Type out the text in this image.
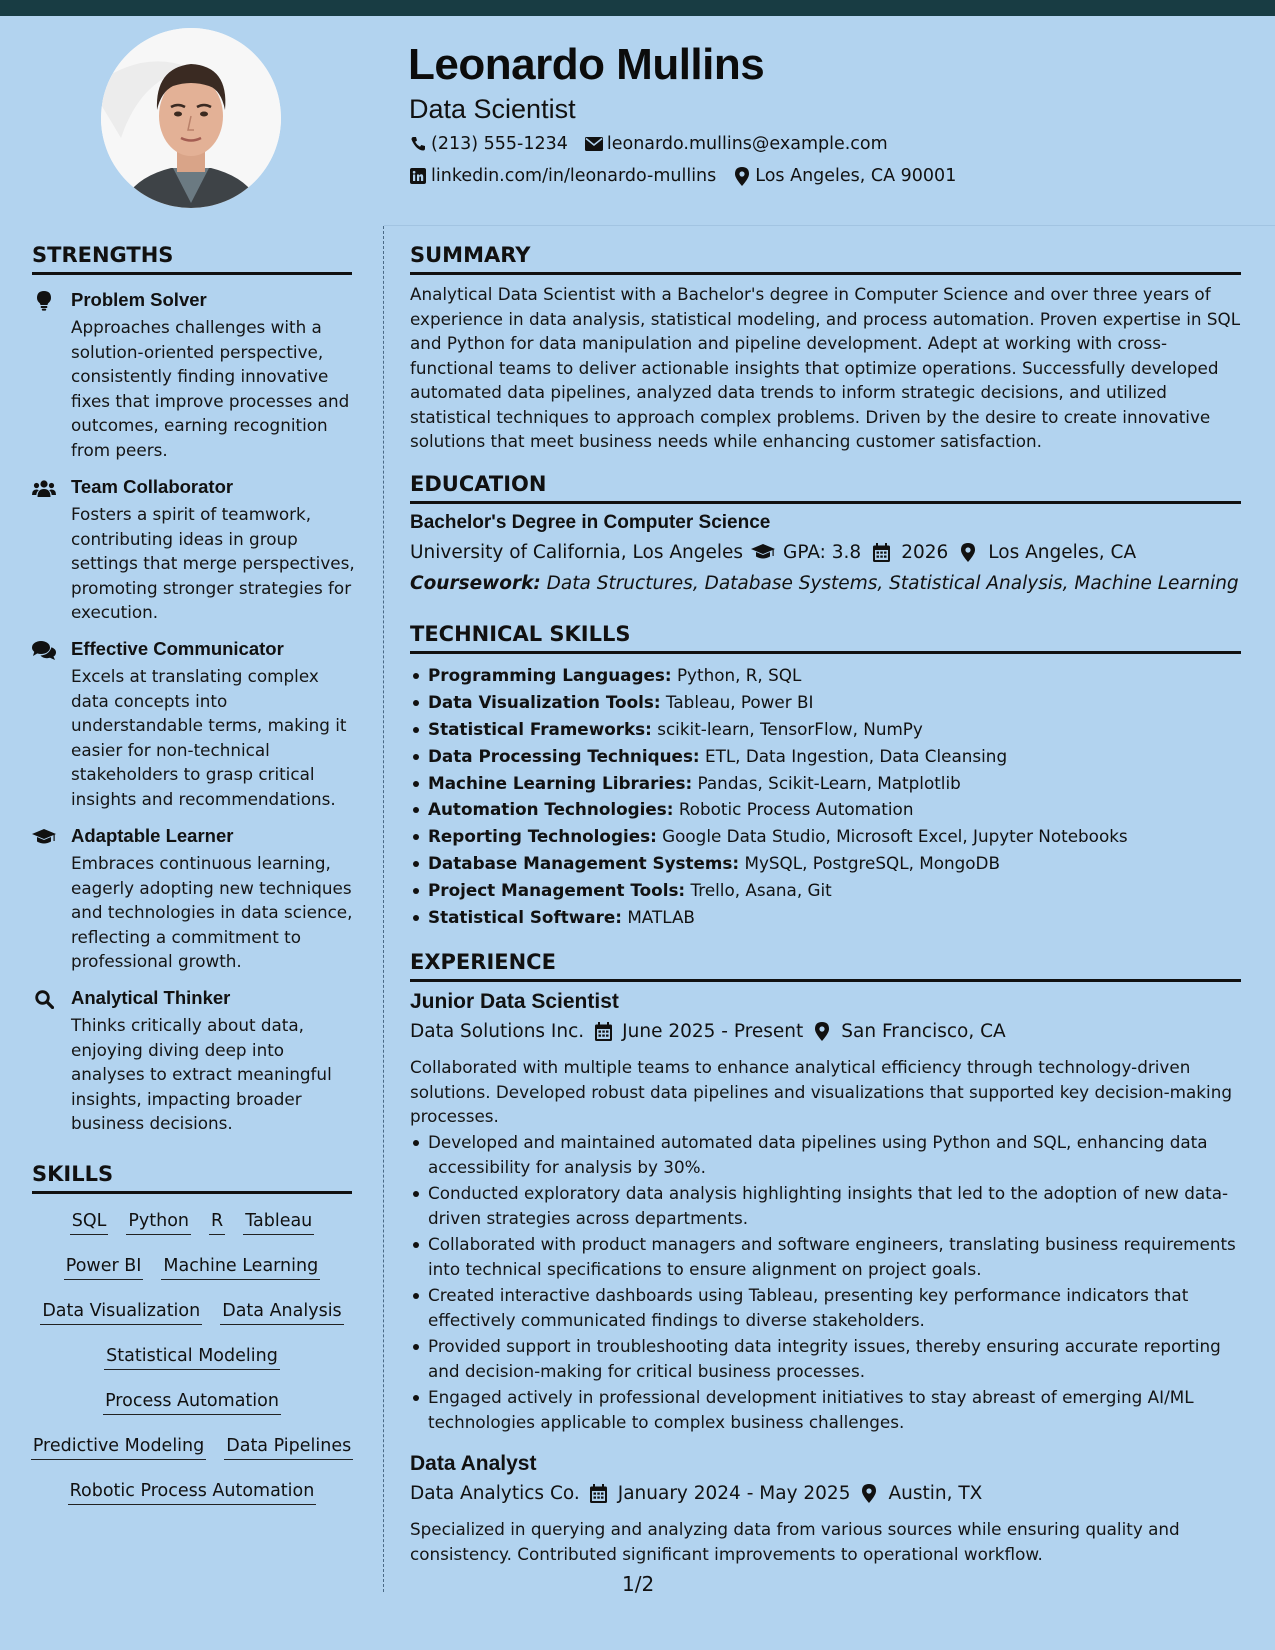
Leonardo Mullins
Data Scientist
(213) 555-1234 leonardo.mullins@example.com
linkedin.com/in/leonardo-mullins Los Angeles, CA 90001
STRENGTHS
Problem Solver
Approaches challenges with a solution-oriented perspective, consistently finding innovative fixes that improve processes and outcomes, earning recognition from peers.
Team Collaborator
Fosters a spirit of teamwork, contributing ideas in group settings that merge perspectives, promoting stronger strategies for execution.
Effective Communicator
Excels at translating complex data concepts into understandable terms, making it easier for non-technical stakeholders to grasp critical insights and recommendations.
Adaptable Learner
Embraces continuous learning, eagerly adopting new techniques and technologies in data science, reflecting a commitment to professional growth.
Analytical Thinker
Thinks critically about data, enjoying diving deep into analyses to extract meaningful insights, impacting broader business decisions.
SKILLS
SQL Python R Tableau
Power BI Machine Learning
Data Visualization Data Analysis
Statistical Modeling
Process Automation
Predictive Modeling Data Pipelines
Robotic Process Automation
SUMMARY
Analytical Data Scientist with a Bachelor's degree in Computer Science and over three years of experience in data analysis, statistical modeling, and process automation. Proven expertise in SQL and Python for data manipulation and pipeline development. Adept at working with cross-functional teams to deliver actionable insights that optimize operations. Successfully developed automated data pipelines, analyzed data trends to inform strategic decisions, and utilized statistical techniques to approach complex problems. Driven by the desire to create innovative solutions that meet business needs while enhancing customer satisfaction.
EDUCATION
Bachelor's Degree in Computer Science
University of California, Los Angeles GPA: 3.8 2026 Los Angeles, CA
Coursework: Data Structures, Database Systems, Statistical Analysis, Machine Learning
TECHNICAL SKILLS
Programming Languages: Python, R, SQL
Data Visualization Tools: Tableau, Power BI
Statistical Frameworks: scikit-learn, TensorFlow, NumPy
Data Processing Techniques: ETL, Data Ingestion, Data Cleansing
Machine Learning Libraries: Pandas, Scikit-Learn, Matplotlib
Automation Technologies: Robotic Process Automation
Reporting Technologies: Google Data Studio, Microsoft Excel, Jupyter Notebooks
Database Management Systems: MySQL, PostgreSQL, MongoDB
Project Management Tools: Trello, Asana, Git
Statistical Software: MATLAB
EXPERIENCE
Junior Data Scientist
Data Solutions Inc. June 2025 - Present San Francisco, CA
Collaborated with multiple teams to enhance analytical efficiency through technology-driven solutions. Developed robust data pipelines and visualizations that supported key decision-making processes.
Developed and maintained automated data pipelines using Python and SQL, enhancing data accessibility for analysis by 30%.
Conducted exploratory data analysis highlighting insights that led to the adoption of new data-driven strategies across departments.
Collaborated with product managers and software engineers, translating business requirements into technical specifications to ensure alignment on project goals.
Created interactive dashboards using Tableau, presenting key performance indicators that effectively communicated findings to diverse stakeholders.
Provided support in troubleshooting data integrity issues, thereby ensuring accurate reporting and decision-making for critical business processes.
Engaged actively in professional development initiatives to stay abreast of emerging AI/ML technologies applicable to complex business challenges.
Data Analyst
Data Analytics Co. January 2024 - May 2025 Austin, TX
Specialized in querying and analyzing data from various sources while ensuring quality and consistency. Contributed significant improvements to operational workflow.
1/2
